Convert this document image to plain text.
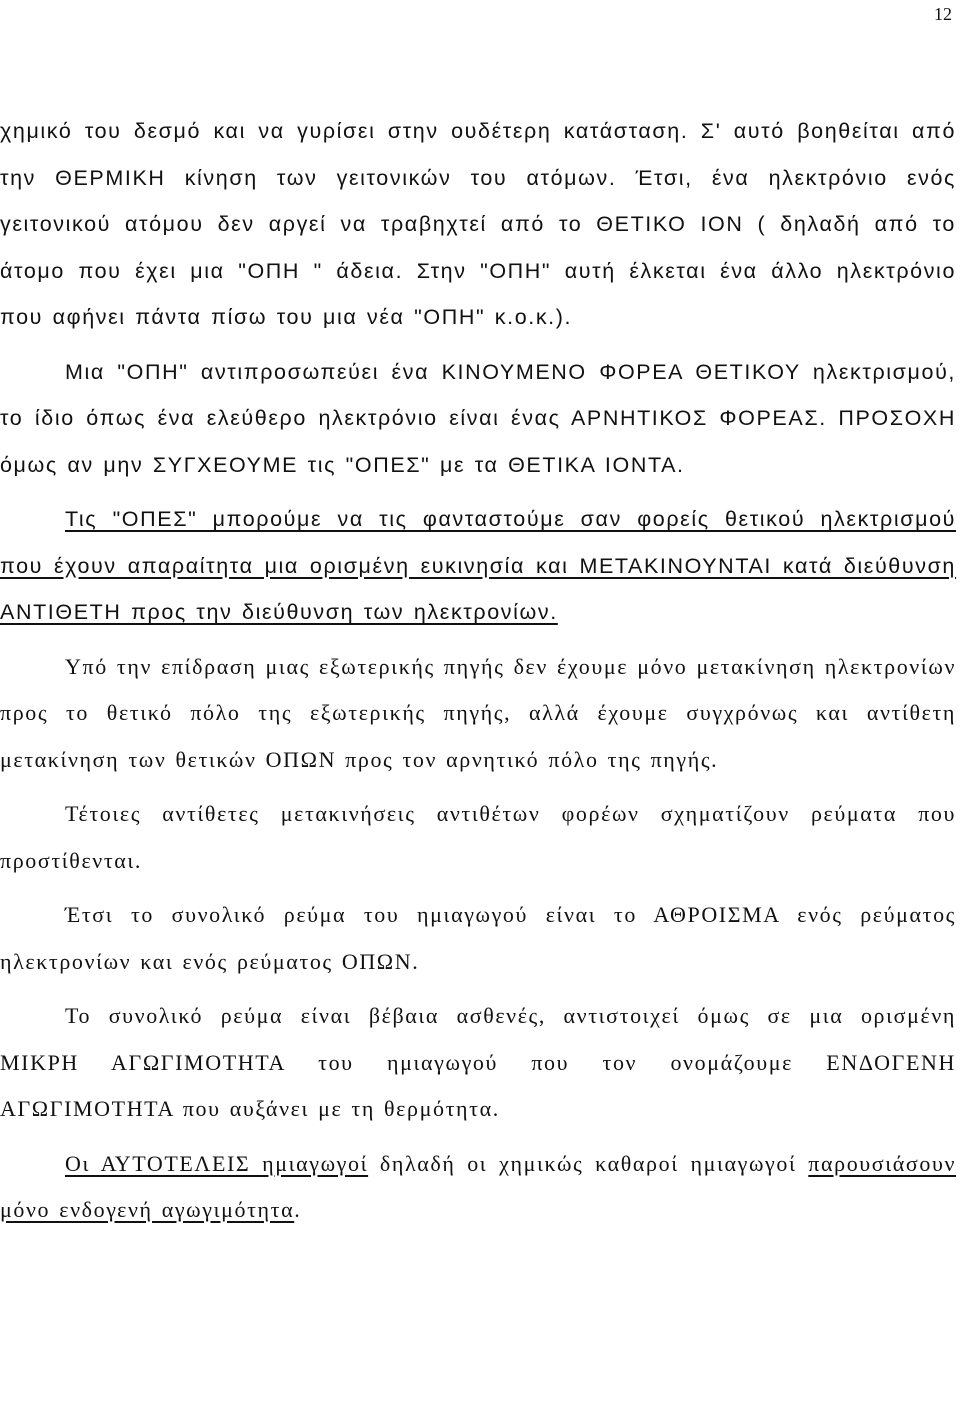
12

χημικό του δεσμό και να γυρίσει στην ουδέτερη κατάσταση. Σ' αυτό βοηθείται από την ΘΕΡΜΙΚΗ κίνηση των γειτονικών του ατόμων. Έτσι, ένα ηλεκτρόνιο ενός γειτονικού ατόμου δεν αργεί να τραβηχτεί από το ΘΕΤΙΚΟ ΙΟΝ ( δηλαδή από το άτομο που έχει μια "ΟΠΗ " άδεια. Στην "ΟΠΗ" αυτή έλκεται ένα άλλο ηλεκτρόνιο που αφήνει πάντα πίσω του μια νέα "ΟΠΗ" κ.ο.κ.).

Μια "ΟΠΗ" αντιπροσωπεύει ένα ΚΙΝΟΥΜΕΝΟ ΦΟΡΕΑ ΘΕΤΙΚΟΥ ηλεκτρισμού, το ίδιο όπως ένα ελεύθερο ηλεκτρόνιο είναι ένας ΑΡΝΗΤΙΚΟΣ ΦΟΡΕΑΣ. ΠΡΟΣΟΧΗ όμως αν μην ΣΥΓΧΕΟΥΜΕ τις "ΟΠΕΣ" με τα ΘΕΤΙΚΑ ΙΟΝΤΑ.

Τις "ΟΠΕΣ" μπορούμε να τις φανταστούμε σαν φορείς θετικού ηλεκτρισμού που έχουν απαραίτητα μια ορισμένη ευκινησία και ΜΕΤΑΚΙΝΟΥΝΤΑΙ κατά διεύθυνση ΑΝΤΙΘΕΤΗ προς την διεύθυνση των ηλεκτρονίων.

Υπό την επίδραση μιας εξωτερικής πηγής δεν έχουμε μόνο μετακίνηση ηλεκτρονίων προς το θετικό πόλο της εξωτερικής πηγής, αλλά έχουμε συγχρόνως και αντίθετη μετακίνηση των θετικών ΟΠΩΝ προς τον αρνητικό πόλο της πηγής.

Τέτοιες αντίθετες μετακινήσεις αντιθέτων φορέων σχηματίζουν ρεύματα που προστίθενται.

Έτσι το συνολικό ρεύμα του ημιαγωγού είναι το ΑΘΡΟΙΣΜΑ ενός ρεύματος ηλεκτρονίων και ενός ρεύματος ΟΠΩΝ.

Το συνολικό ρεύμα είναι βέβαια ασθενές, αντιστοιχεί όμως σε μια ορισμένη ΜΙΚΡΗ ΑΓΩΓΙΜΟΤΗΤΑ του ημιαγωγού που τον ονομάζουμε ΕΝΔΟΓΕΝΗ ΑΓΩΓΙΜΟΤΗΤΑ που αυξάνει με τη θερμότητα.

Οι ΑΥΤΟΤΕΛΕΙΣ ημιαγωγοί δηλαδή οι χημικώς καθαροί ημιαγωγοί παρουσιάσουν μόνο ενδογενή αγωγιμότητα.
